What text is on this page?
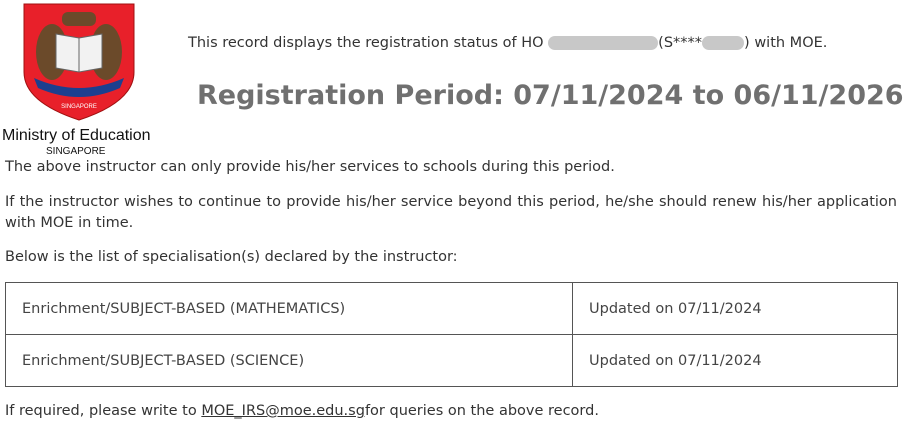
SINGAPORE
Ministry of Education
SINGAPORE
This record displays the registration status of HO	(S****	) with MOE.
Registration Period: 07/11/2024 to 06/11/2026
The above instructor can only provide his/her services to schools during this period.
If the instructor wishes to continue to provide his/her service beyond this period, he/she should renew his/her application with MOE in time.
Below is the list of specialisation(s) declared by the instructor:
Enrichment/SUBJECT-BASED (MATHEMATICS)	Updated on 07/11/2024
Enrichment/SUBJECT-BASED (SCIENCE)	Updated on 07/11/2024
If required, please write to MOE_IRS@moe.edu.sgfor queries on the above record.
